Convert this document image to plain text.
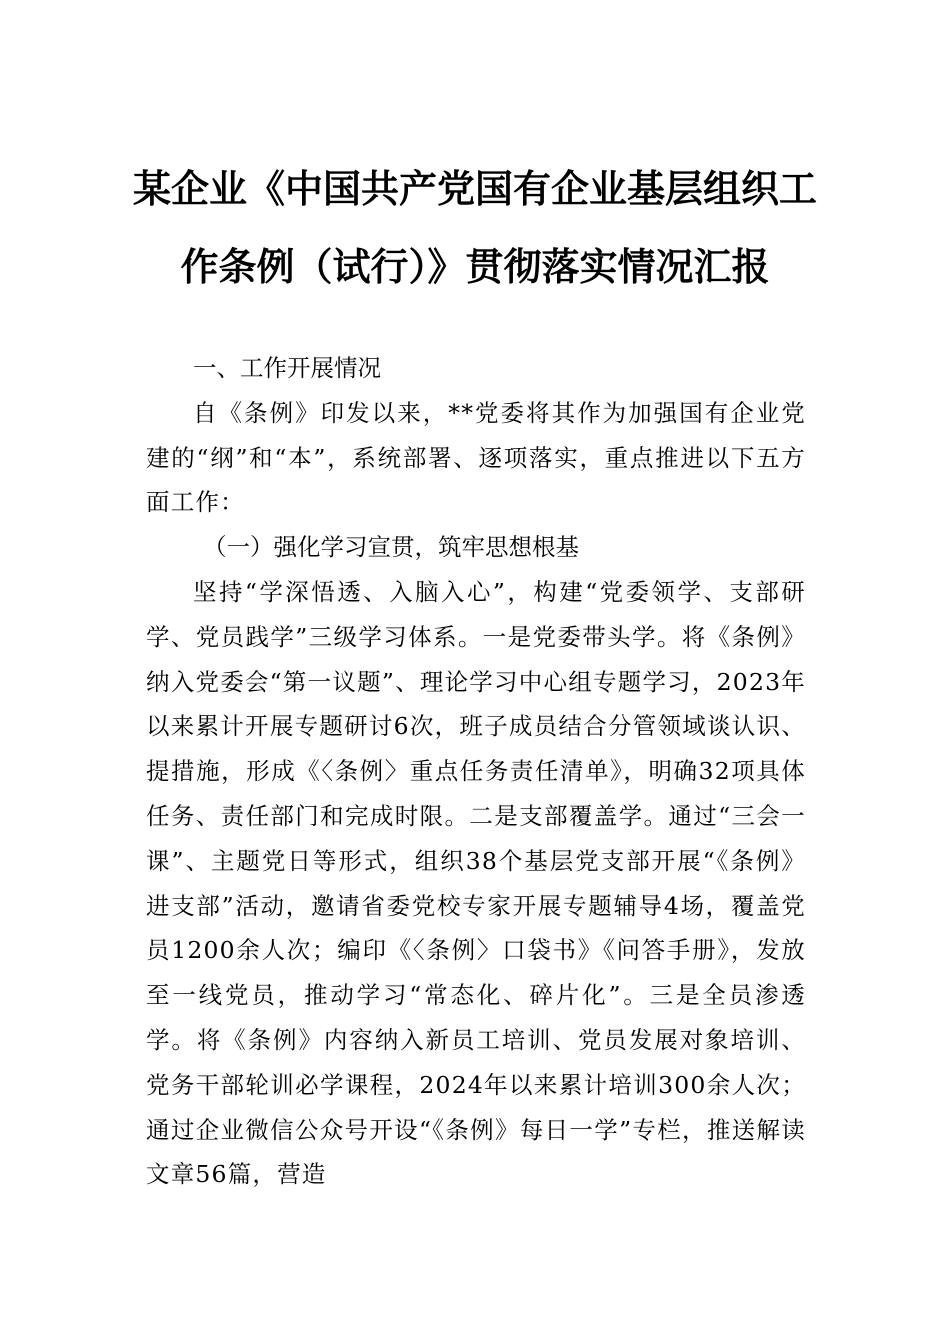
某企业《中国共产党国有企业基层组织工
作条例（试行）》贯彻落实情况汇报

一、工作开展情况

自《条例》印发以来，**党委将其作为加强国有企业党建的“纲”和“本”，系统部署、逐项落实，重点推进以下五方面工作：

（一）强化学习宣贯，筑牢思想根基

坚持“学深悟透、入脑入心”，构建“党委领学、支部研学、党员践学”三级学习体系。一是党委带头学。将《条例》纳入党委会“第一议题”、理论学习中心组专题学习，2023年以来累计开展专题研讨6次，班子成员结合分管领域谈认识、提措施，形成《〈条例〉重点任务责任清单》，明确32项具体任务、责任部门和完成时限。二是支部覆盖学。通过“三会一课”、主题党日等形式，组织38个基层党支部开展“《条例》进支部”活动，邀请省委党校专家开展专题辅导4场，覆盖党员1200余人次；编印《〈条例〉口袋书》《问答手册》，发放至一线党员，推动学习“常态化、碎片化”。三是全员渗透学。将《条例》内容纳入新员工培训、党员发展对象培训、党务干部轮训必学课程，2024年以来累计培训300余人次；通过企业微信公众号开设“《条例》每日一学”专栏，推送解读文章56篇，营造
